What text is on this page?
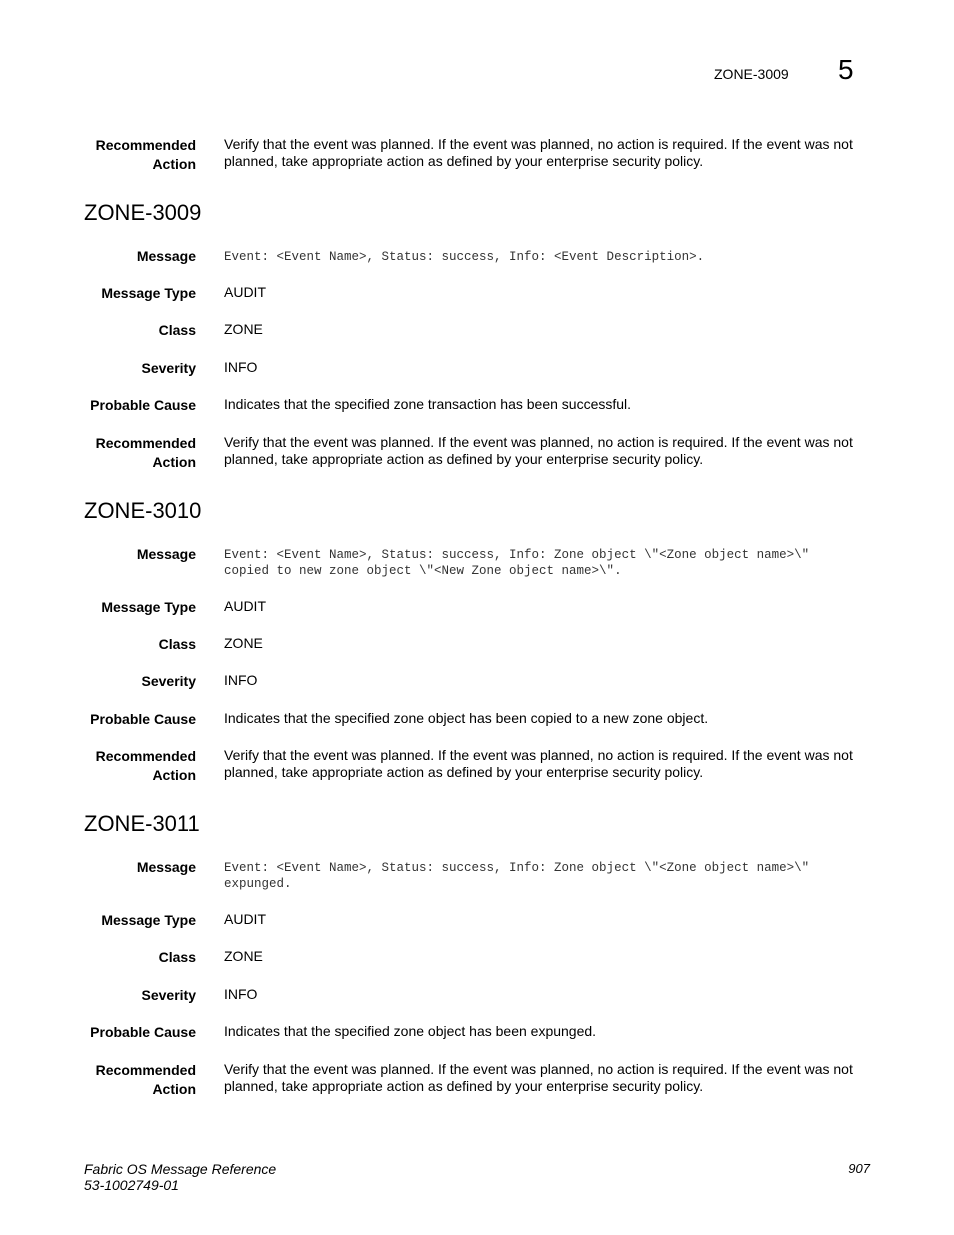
ZONE-3009 5
Recommended
Action
Verify that the event was planned. If the event was planned, no action is required. If the event was not planned, take appropriate action as defined by your enterprise security policy.
ZONE-3009
Message Event: <Event Name>, Status: success, Info: <Event Description>.
Message Type AUDIT
Class ZONE
Severity INFO
Probable Cause Indicates that the specified zone transaction has been successful.
Recommended
Action
Verify that the event was planned. If the event was planned, no action is required. If the event was not planned, take appropriate action as defined by your enterprise security policy.
ZONE-3010
Message Event: <Event Name>, Status: success, Info: Zone object \"<Zone object name>\"
copied to new zone object \"<New Zone object name>\".
Message Type AUDIT
Class ZONE
Severity INFO
Probable Cause Indicates that the specified zone object has been copied to a new zone object.
Recommended
Action
Verify that the event was planned. If the event was planned, no action is required. If the event was not planned, take appropriate action as defined by your enterprise security policy.
ZONE-3011
Message Event: <Event Name>, Status: success, Info: Zone object \"<Zone object name>\"
expunged.
Message Type AUDIT
Class ZONE
Severity INFO
Probable Cause Indicates that the specified zone object has been expunged.
Recommended
Action
Verify that the event was planned. If the event was planned, no action is required. If the event was not planned, take appropriate action as defined by your enterprise security policy.
Fabric OS Message Reference
53-1002749-01
907
